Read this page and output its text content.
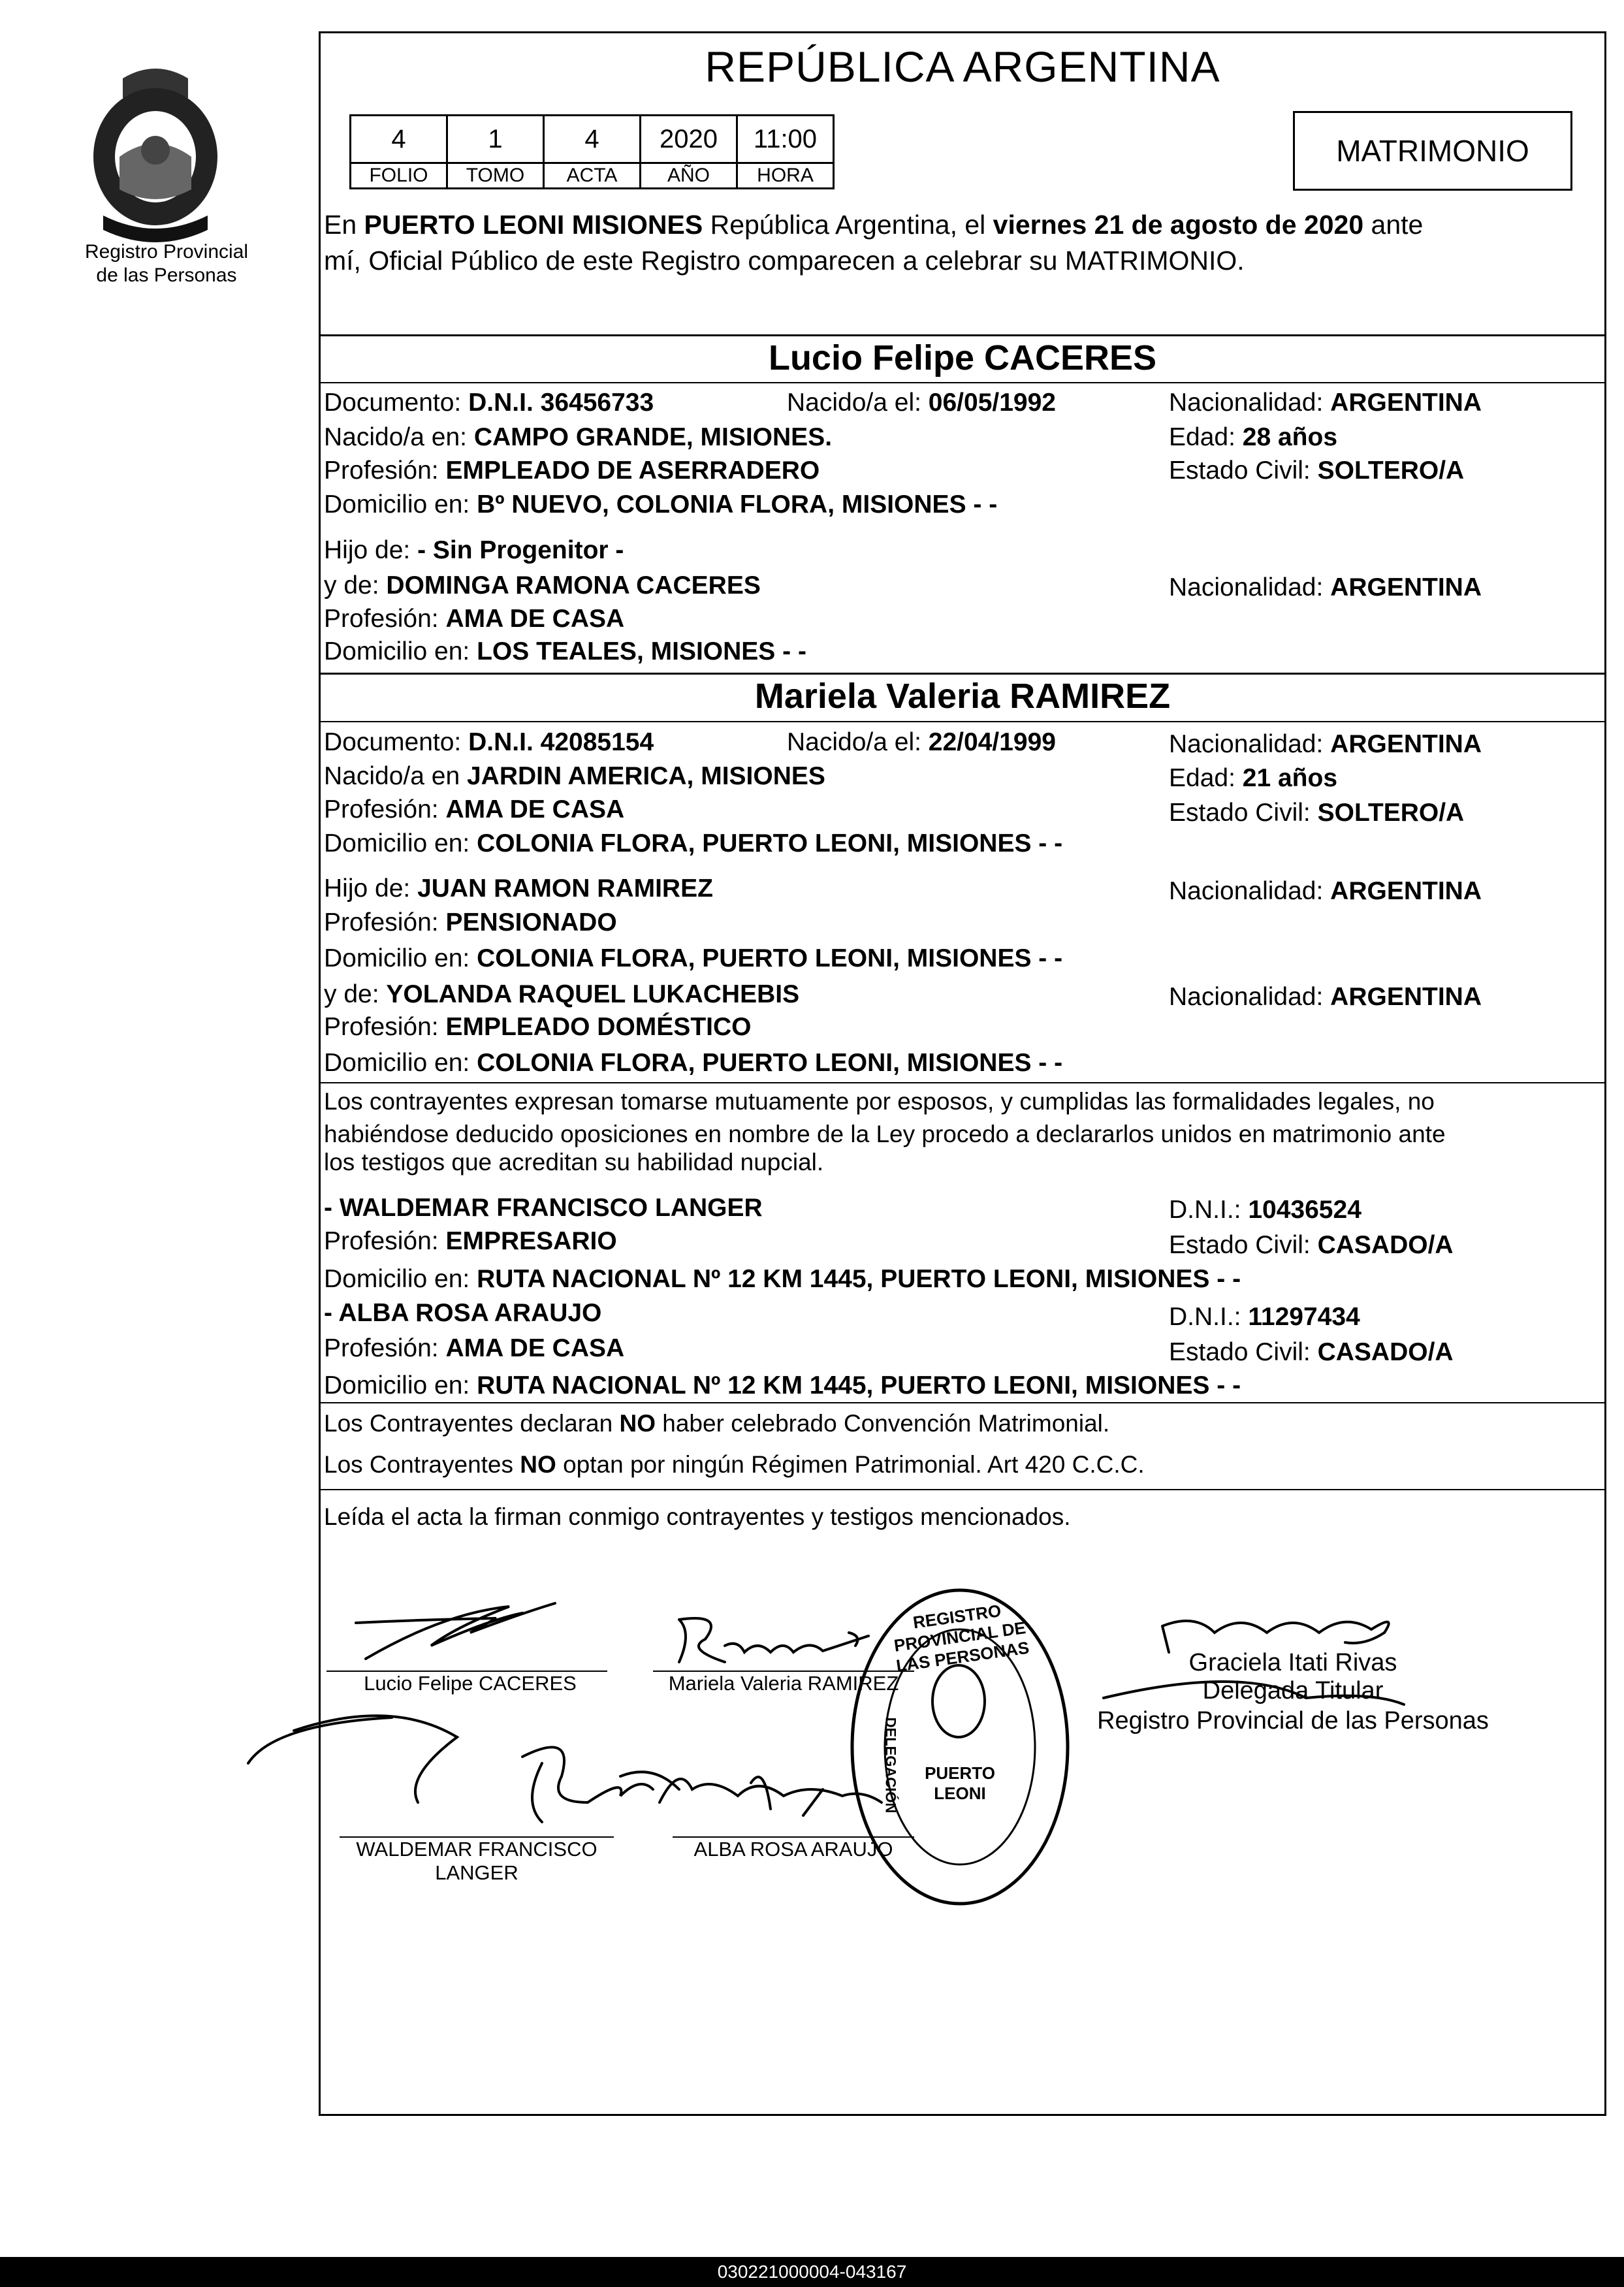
Registro Provincial
de las Personas
REPÚBLICA ARGENTINA
4	1	4	2020	11:00
FOLIO	TOMO	ACTA	AÑO	HORA
MATRIMONIO
En PUERTO LEONI MISIONES República Argentina, el viernes 21 de agosto de 2020 ante
mí, Oficial Público de este Registro comparecen a celebrar su MATRIMONIO.
Lucio Felipe CACERES
Documento: D.N.I. 36456733	Nacido/a el: 06/05/1992	Nacionalidad: ARGENTINA
Nacido/a en: CAMPO GRANDE, MISIONES.	Edad: 28 años
Profesión: EMPLEADO DE ASERRADERO	Estado Civil: SOLTERO/A
Domicilio en: Bº NUEVO, COLONIA FLORA, MISIONES - -
Hijo de: - Sin Progenitor -
y de: DOMINGA RAMONA CACERES	Nacionalidad: ARGENTINA
Profesión: AMA DE CASA
Domicilio en: LOS TEALES, MISIONES - -
Mariela Valeria RAMIREZ
Documento: D.N.I. 42085154	Nacido/a el: 22/04/1999	Nacionalidad: ARGENTINA
Nacido/a en JARDIN AMERICA, MISIONES	Edad: 21 años
Profesión: AMA DE CASA	Estado Civil: SOLTERO/A
Domicilio en: COLONIA FLORA, PUERTO LEONI, MISIONES - -
Hijo de: JUAN RAMON RAMIREZ	Nacionalidad: ARGENTINA
Profesión: PENSIONADO
Domicilio en: COLONIA FLORA, PUERTO LEONI, MISIONES - -
y de: YOLANDA RAQUEL LUKACHEBIS	Nacionalidad: ARGENTINA
Profesión: EMPLEADO DOMÉSTICO
Domicilio en: COLONIA FLORA, PUERTO LEONI, MISIONES - -
Los contrayentes expresan tomarse mutuamente por esposos, y cumplidas las formalidades legales, no
habiéndose deducido oposiciones en nombre de la Ley procedo a declararlos unidos en matrimonio ante
los testigos que acreditan su habilidad nupcial.
- WALDEMAR FRANCISCO LANGER	D.N.I.: 10436524
Profesión: EMPRESARIO	Estado Civil: CASADO/A
Domicilio en: RUTA NACIONAL Nº 12 KM 1445, PUERTO LEONI, MISIONES - -
- ALBA ROSA ARAUJO	D.N.I.: 11297434
Profesión: AMA DE CASA	Estado Civil: CASADO/A
Domicilio en: RUTA NACIONAL Nº 12 KM 1445, PUERTO LEONI, MISIONES - -
Los Contrayentes declaran NO haber celebrado Convención Matrimonial.
Los Contrayentes NO optan por ningún Régimen Patrimonial. Art 420 C.C.C.
Leída el acta la firman conmigo contrayentes y testigos mencionados.
REGISTRO PROVINCIAL DE LAS PERSONAS
PUERTO LEONI
DELEGACIÓN
Lucio Felipe CACERES	Mariela Valeria RAMIREZ
WALDEMAR FRANCISCO
LANGER
ALBA ROSA ARAUJO
Graciela Itati Rivas
Delegada Titular
Registro Provincial de las Personas
030221000004-043167
